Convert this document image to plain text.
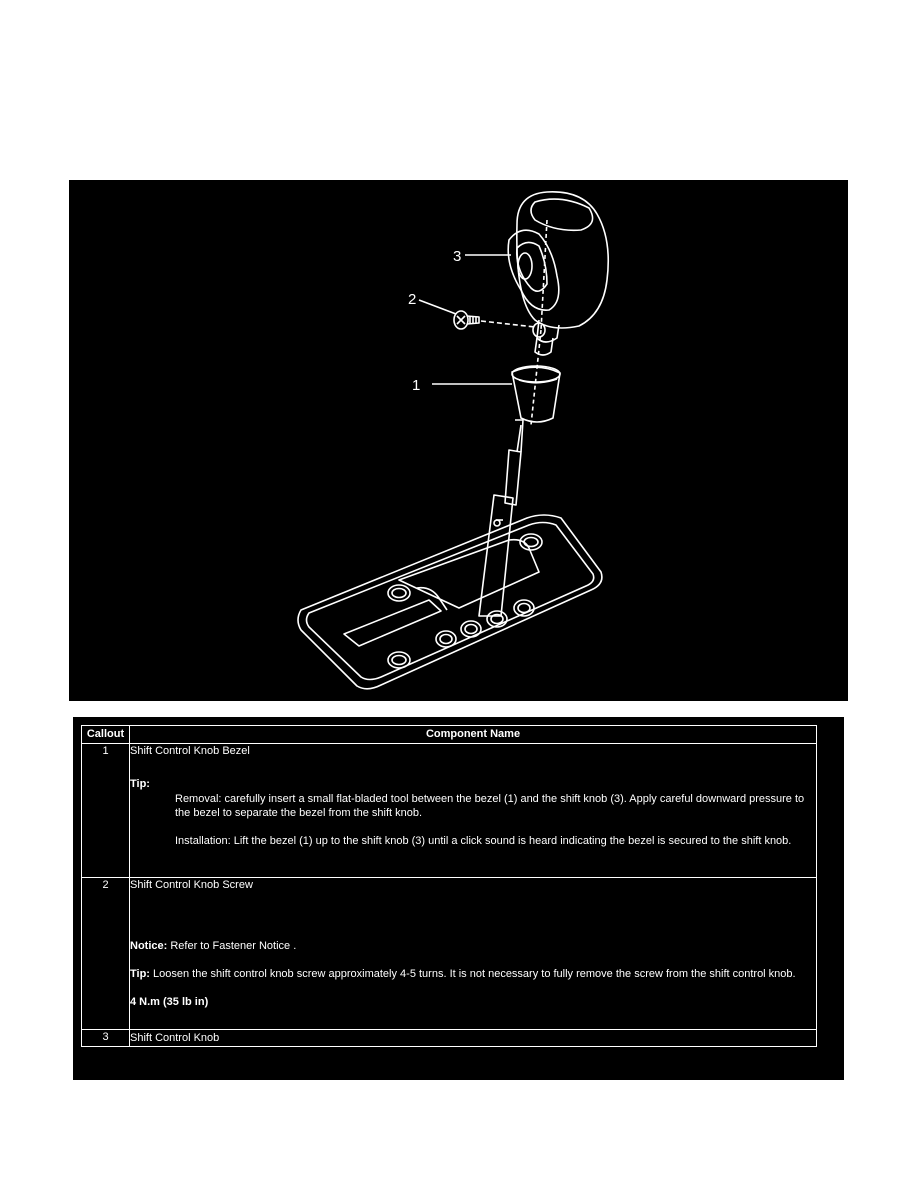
1
2
3
Callout	Component Name
1	Shift Control Knob Bezel

Tip:

Removal: carefully insert a small flat-bladed tool between the bezel (1) and the shift knob (3). Apply careful downward pressure to the bezel to separate the bezel from the shift knob.

Installation: Lift the bezel (1) up to the shift knob (3) until a click sound is heard indicating the bezel is secured to the shift knob.

2	Shift Control Knob Screw

Notice: Refer to Fastener Notice .

Tip: Loosen the shift control knob screw approximately 4-5 turns. It is not necessary to fully remove the screw from the shift control knob.

4 N.m (35 lb in)

3	Shift Control Knob
